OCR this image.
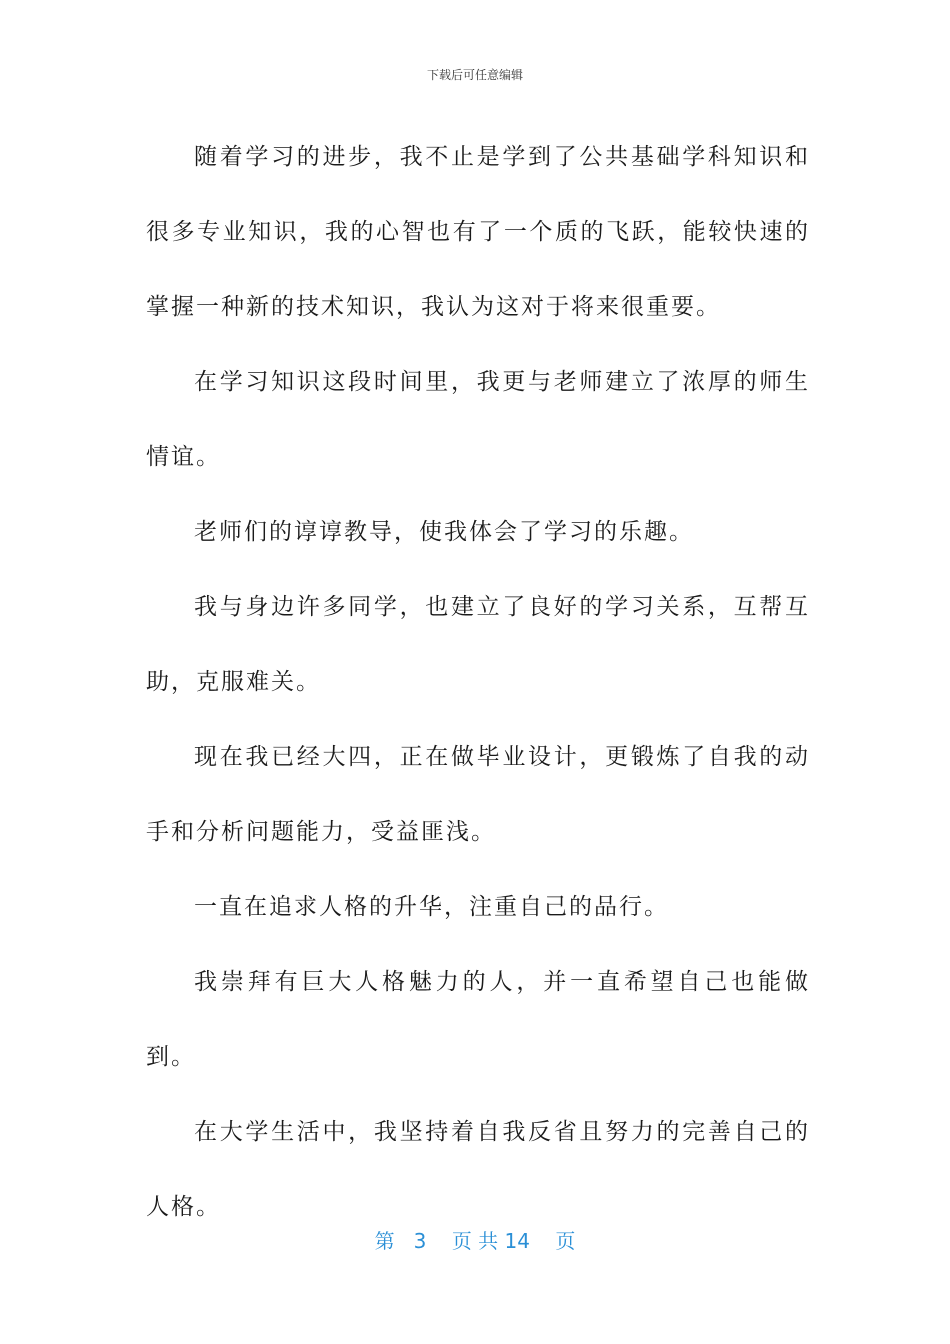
下载后可任意编辑

随着学习的进步，我不止是学到了公共基础学科知识和很多专业知识，我的心智也有了一个质的飞跃，能较快速的掌握一种新的技术知识，我认为这对于将来很重要。

在学习知识这段时间里，我更与老师建立了浓厚的师生情谊。

老师们的谆谆教导，使我体会了学习的乐趣。

我与身边许多同学，也建立了良好的学习关系，互帮互助，克服难关。

现在我已经大四，正在做毕业设计，更锻炼了自我的动手和分析问题能力，受益匪浅。

一直在追求人格的升华，注重自己的品行。

我崇拜有巨大人格魅力的人，并一直希望自己也能做到。

在大学生活中，我坚持着自我反省且努力的完善自己的人格。

第 3 页 共 14 页
